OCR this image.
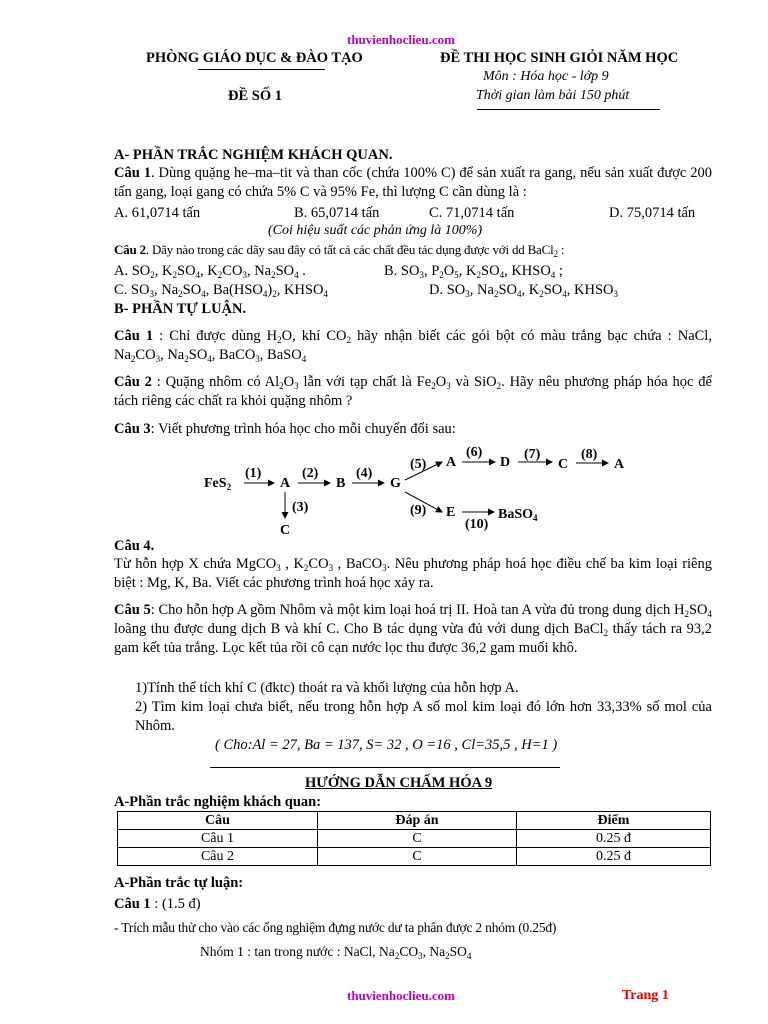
thuvienhoclieu.com
PHÒNG GIÁO DỤC & ĐÀO TẠO
ĐỀ SỐ 1
ĐỀ THI HỌC SINH GIỎI NĂM HỌC
Môn : Hóa học - lớp 9
Thời gian làm bài 150 phút
A- PHẦN TRẮC NGHIỆM KHÁCH QUAN.
Câu 1. Dùng quặng he–ma–tit và than cốc (chứa 100% C) để sản xuất ra gang, nếu sản xuất được 200 tấn gang, loại gang có chứa 5% C và 95% Fe, thì lượng C cần dùng là :
A. 61,0714 tấn	B. 65,0714 tấn	C. 71,0714 tấn	D. 75,0714 tấn
(Coi hiệu suất các phản ứng là 100%)
Câu 2. Dãy nào trong các dãy sau đây có tất cả các chất đều tác dụng được với dd BaCl$_2$ :
A. $SO_2$, $K_2SO_4$, $K_2CO_3$, $Na_2SO_4$ .	B. $SO_3$, $P_2O_5$, $K_2SO_4$, $KHSO_4$ ;
C. $SO_3$, $Na_2SO_4$, $Ba(HSO_4)_2$, $KHSO_4$	D. $SO_3$, $Na_2SO_4$, $K_2SO_4$, $KHSO_3$
B- PHẦN TỰ LUẬN.
Câu 1 : Chỉ được dùng $H_2O$, khí $CO_2$ hãy nhận biết các gói bột có màu trắng bạc chứa : NaCl, $Na_2CO_3$, $Na_2SO_4$, BaCO$_3$, BaSO$_4$
Câu 2 : Quặng nhôm có $Al_2O_3$ lẫn với tạp chất là $Fe_2O_3$ và SiO$_2$. Hãy nêu phương pháp hóa học để tách riêng các chất ra khỏi quặng nhôm ?
Câu 3: Viết phương trình hóa học cho mỗi chuyển đổi sau:
FeS$_2$	A	B	G
A	D	C	A
C
E	BaSO$_4$
(1)	(2)	(4)
(5)
(6)	(7)	(8)
(3)	(9)
(10)
Câu 4.
Từ hỗn hợp X chứa MgCO$_3$ , $K_2CO_3$ , BaCO$_3$. Nêu phương pháp hoá học điều chế ba kim loại riêng biệt : Mg, K, Ba. Viết các phương trình hoá học xảy ra.
Câu 5: Cho hỗn hợp A gồm Nhôm và một kim loại hoá trị II. Hoà tan A vừa đủ trong dung dịch $H_2SO_4$ loãng thu được dung dịch B và khí C. Cho B tác dụng vừa đủ với dung dịch BaCl$_2$ thấy tách ra 93,2 gam kết tủa trắng. Lọc kết tủa rồi cô cạn nước lọc thu được 36,2 gam muối khô.
1)Tính thể tích khí C (đktc) thoát ra và khối lượng của hỗn hợp A.
2) Tìm kim loại chưa biết, nếu trong hỗn hợp A số mol kim loại đó lớn hơn 33,33% số mol của Nhôm.
( Cho:Al = 27, Ba = 137, S= 32 , O =16 , Cl=35,5 , H=1 )
HƯỚNG DẪN CHẤM HÓA 9
A-Phần trắc nghiệm khách quan:
Câu	Đáp án	Điểm
Câu 1	C	0.25 đ
Câu 2	C	0.25 đ
A-Phần trắc tự luận:
Câu 1 : (1.5 đ)
- Trích mẫu thử cho vào các ống nghiệm đựng nước dư ta phân được 2 nhóm (0.25đ)
Nhóm 1 : tan trong nước : NaCl, $Na_2CO_3$, $Na_2SO_4$
thuvienhoclieu.com	Trang 1
